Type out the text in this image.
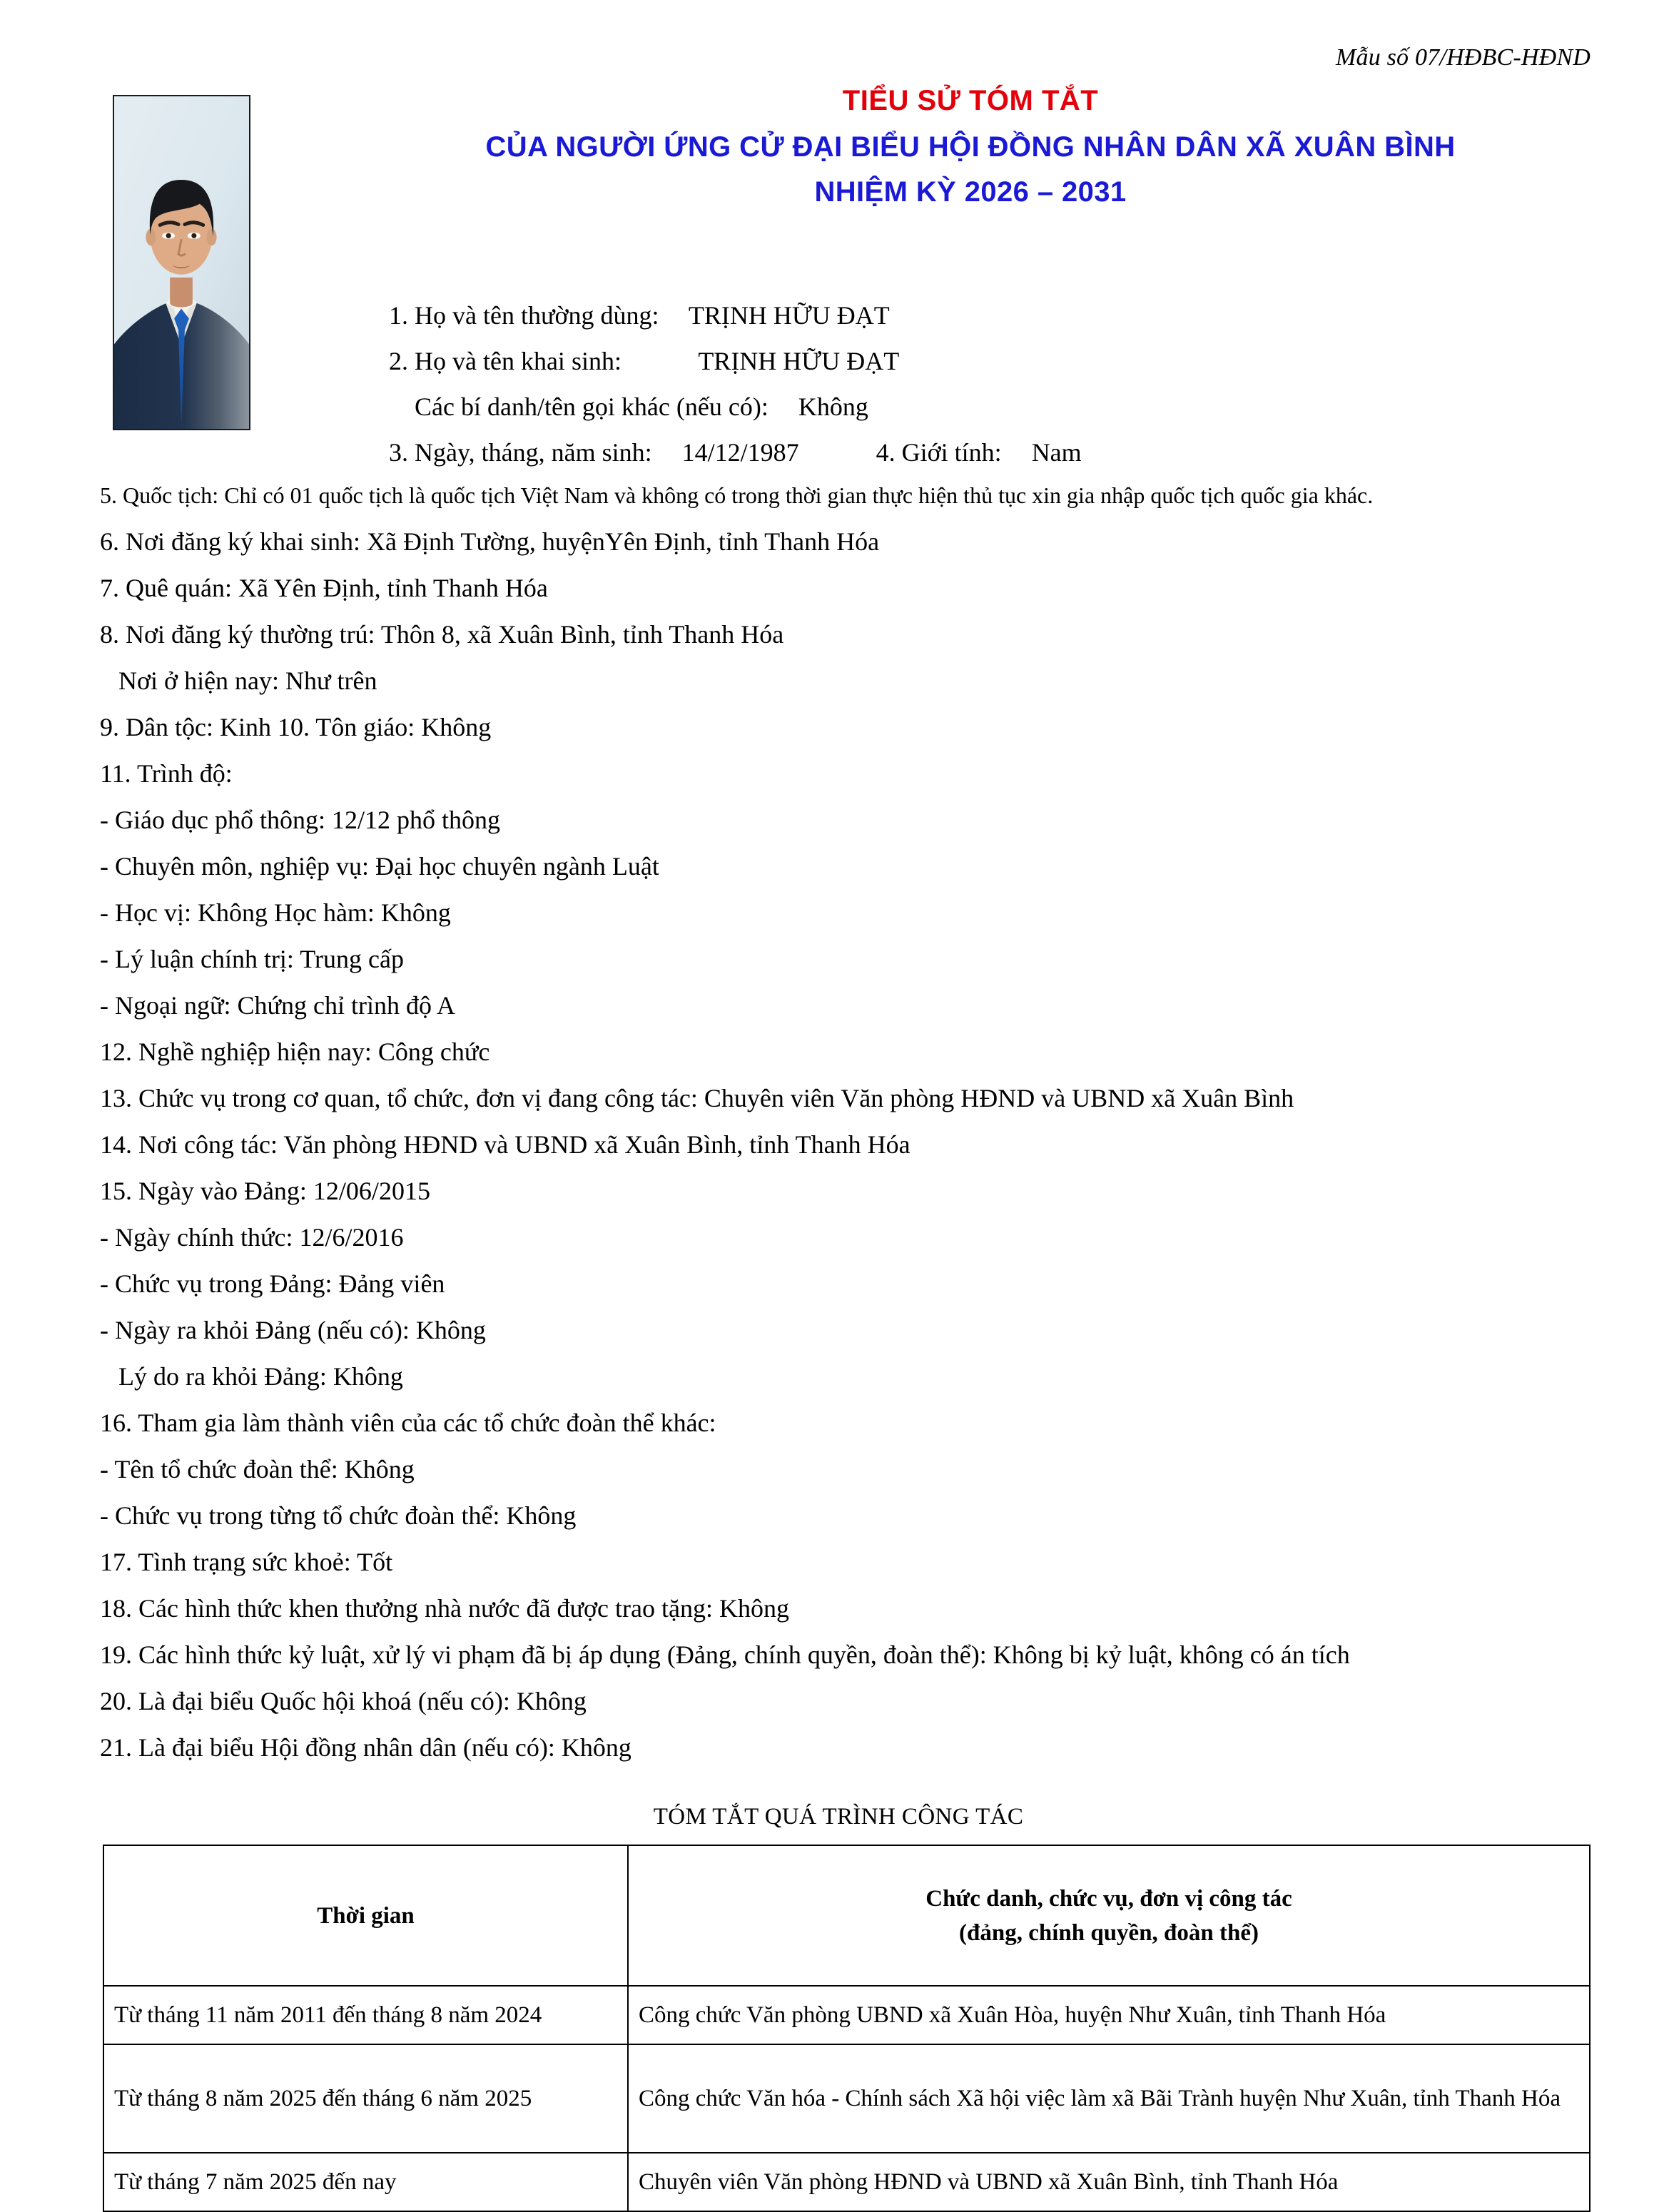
Mẫu số 07/HĐBC-HĐND
TIỂU SỬ TÓM TẮT
CỦA NGƯỜI ỨNG CỬ ĐẠI BIỂU HỘI ĐỒNG NHÂN DÂN XÃ XUÂN BÌNH
NHIỆM KỲ 2026 – 2031
1. Họ và tên thường dùng: TRỊNH HỮU ĐẠT
2. Họ và tên khai sinh:	TRỊNH HỮU ĐẠT
Các bí danh/tên gọi khác (nếu có): Không
3. Ngày, tháng, năm sinh: 14/12/1987	4. Giới tính: Nam

5. Quốc tịch: Chỉ có 01 quốc tịch là quốc tịch Việt Nam và không có trong thời gian thực hiện thủ tục xin gia nhập quốc tịch quốc gia khác.

6. Nơi đăng ký khai sinh: Xã Định Tường, huyệnYên Định, tỉnh Thanh Hóa

7. Quê quán: Xã Yên Định, tỉnh Thanh Hóa

8. Nơi đăng ký thường trú: Thôn 8, xã Xuân Bình, tỉnh Thanh Hóa

Nơi ở hiện nay: Như trên

9. Dân tộc: Kinh 10. Tôn giáo: Không

11. Trình độ:

- Giáo dục phổ thông: 12/12 phổ thông

- Chuyên môn, nghiệp vụ: Đại học chuyên ngành Luật

- Học vị: Không Học hàm: Không

- Lý luận chính trị: Trung cấp

- Ngoại ngữ: Chứng chỉ trình độ A

12. Nghề nghiệp hiện nay: Công chức

13. Chức vụ trong cơ quan, tổ chức, đơn vị đang công tác: Chuyên viên Văn phòng HĐND và UBND xã Xuân Bình

14. Nơi công tác: Văn phòng HĐND và UBND xã Xuân Bình, tỉnh Thanh Hóa

15. Ngày vào Đảng: 12/06/2015

- Ngày chính thức: 12/6/2016

- Chức vụ trong Đảng: Đảng viên

- Ngày ra khỏi Đảng (nếu có): Không

Lý do ra khỏi Đảng: Không

16. Tham gia làm thành viên của các tổ chức đoàn thể khác:

- Tên tổ chức đoàn thể: Không

- Chức vụ trong từng tổ chức đoàn thể: Không

17. Tình trạng sức khoẻ: Tốt

18. Các hình thức khen thưởng nhà nước đã được trao tặng: Không

19. Các hình thức kỷ luật, xử lý vi phạm đã bị áp dụng (Đảng, chính quyền, đoàn thể): Không bị kỷ luật, không có án tích

20. Là đại biểu Quốc hội khoá (nếu có): Không

21. Là đại biểu Hội đồng nhân dân (nếu có): Không

TÓM TẮT QUÁ TRÌNH CÔNG TÁC
Thời gian	Chức danh, chức vụ, đơn vị công tác
(đảng, chính quyền, đoàn thể)

Từ tháng 11 năm 2011 đến tháng 8 năm 2024	Công chức Văn phòng UBND xã Xuân Hòa, huyện Như Xuân, tỉnh Thanh Hóa
Từ tháng 8 năm 2025 đến tháng 6 năm 2025	Công chức Văn hóa - Chính sách Xã hội việc làm xã Bãi Trành huyện Như Xuân, tỉnh Thanh Hóa
Từ tháng 7 năm 2025 đến nay	Chuyên viên Văn phòng HĐND và UBND xã Xuân Bình, tỉnh Thanh Hóa
